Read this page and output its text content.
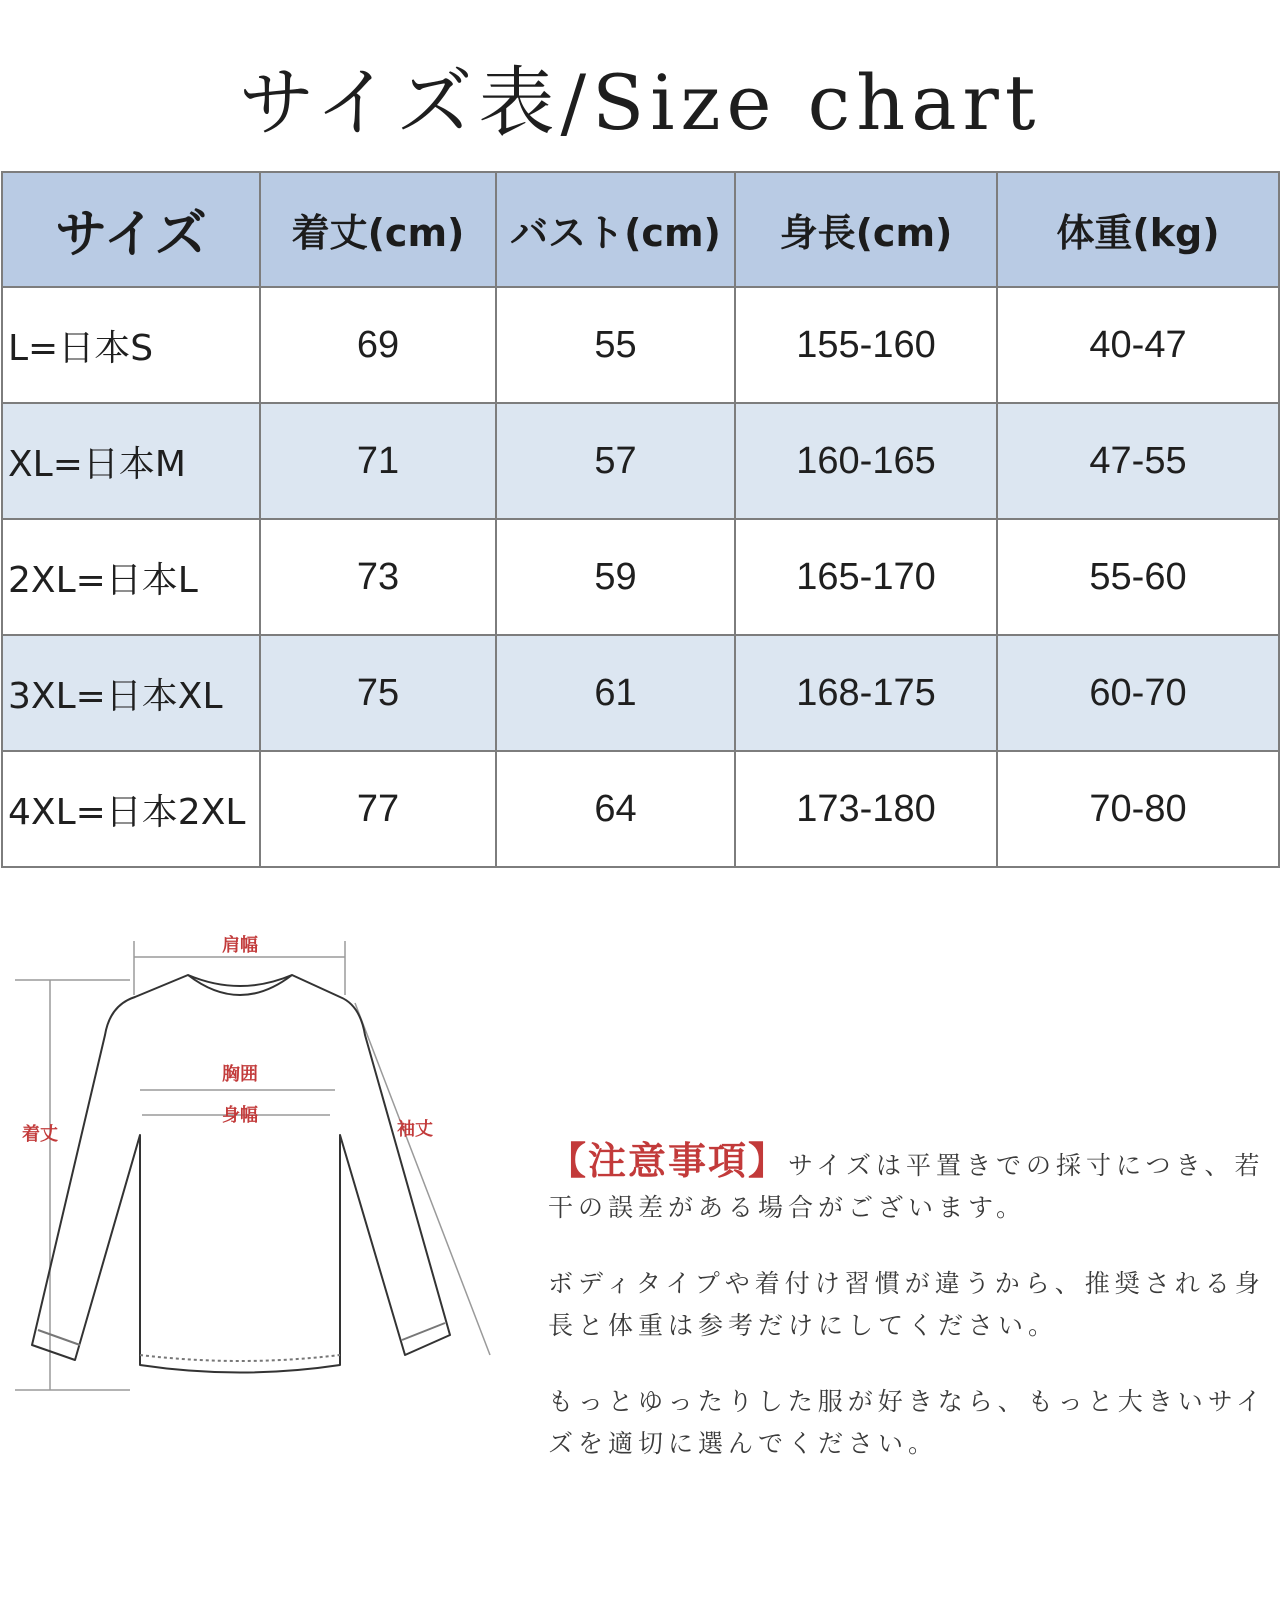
サイズ表/Size chart
サイズ	着丈(cm)	バスト(cm)	身長(cm)	体重(kg)
L=日本S	69	55	155-160	40-47
XL=日本M	71	57	160-165	47-55
2XL=日本L	73	59	165-170	55-60
3XL=日本XL	75	61	168-175	60-70
4XL=日本2XL	77	64	173-180	70-80
肩幅
胸囲
身幅
着丈	袖丈

【注意事項】サイズは平置きでの採寸につき、若干の誤差がある場合がございます。

ボディタイプや着付け習慣が違うから、推奨される身長と体重は参考だけにしてください。

もっとゆったりした服が好きなら、もっと大きいサイズを適切に選んでください。
